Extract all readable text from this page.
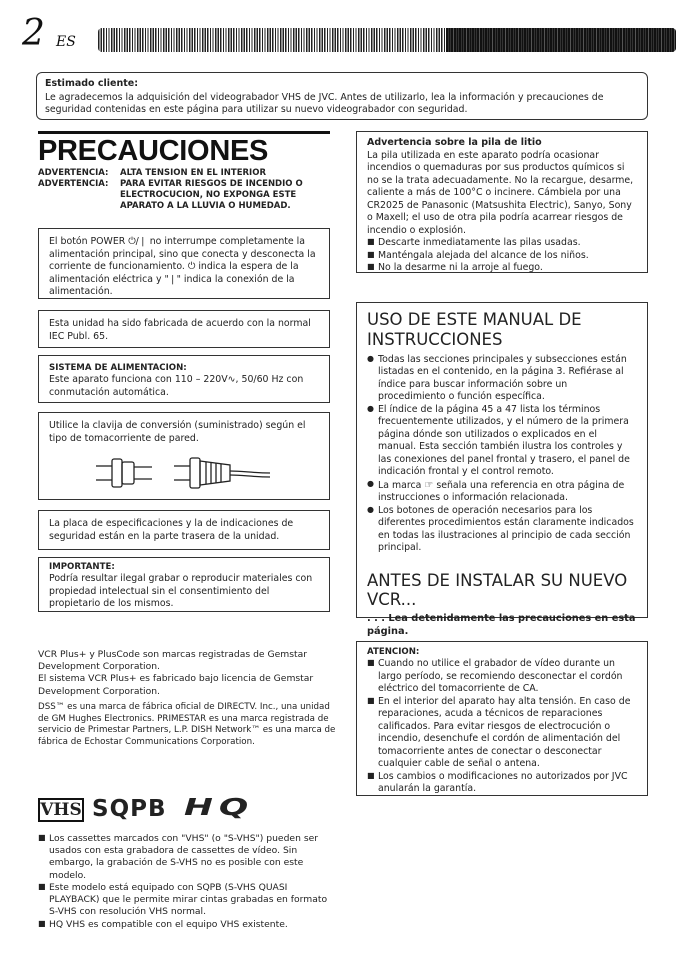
2 ES
Estimado cliente:

Le agradecemos la adquisición del videograbador VHS de JVC. Antes de utilizarlo, lea la información y precauciones de seguridad contenidas en este página para utilizar su nuevo videograbador con seguridad.

PRECAUCIONES
ADVERTENCIA:	ALTA TENSION EN EL INTERIOR
ADVERTENCIA:	PARA EVITAR RIESGOS DE INCENDIO O ELECTROCUCION, NO EXPONGA ESTE APARATO A LA LLUVIA O HUMEDAD.
El botón POWER ⏻/❘ no interrumpe completamente la alimentación principal, sino que conecta y desconecta la corriente de funcionamiento. ⏻ indica la espera de la alimentación eléctrica y "❘" indica la conexión de la alimentación.

Esta unidad ha sido fabricada de acuerdo con la normal IEC Publ. 65.

SISTEMA DE ALIMENTACION:

Este aparato funciona con 110 – 220V∿, 50/60 Hz con conmutación automática.

Utilice la clavija de conversión (suministrado) según el tipo de tomacorriente de pared.

La placa de especificaciones y la de indicaciones de seguridad están en la parte trasera de la unidad.

IMPORTANTE:

Podría resultar ilegal grabar o reproducir materiales con propiedad intelectual sin el consentimiento del propietario de los mismos.

VCR Plus+ y PlusCode son marcas registradas de Gemstar Development Corporation.

El sistema VCR Plus+ es fabricado bajo licencia de Gemstar Development Corporation.

DSS™ es una marca de fábrica oficial de DIRECTV. Inc., una unidad de GM Hughes Electronics. PRIMESTAR es una marca registrada de servicio de Primestar Partners, L.P. DISH Network™ es una marca de fábrica de Echostar Communications Corporation.

VHS SQPB HQ
■ Los cassettes marcados con "VHS" (o "S-VHS") pueden ser usados con esta grabadora de cassettes de vídeo. Sin embargo, la grabación de S-VHS no es posible con este modelo.
■ Este modelo está equipado con SQPB (S-VHS QUASI PLAYBACK) que le permite mirar cintas grabadas en formato S-VHS con resolución VHS normal.
■ HQ VHS es compatible con el equipo VHS existente.

Advertencia sobre la pila de litio

La pila utilizada en este aparato podría ocasionar incendios o quemaduras por sus productos químicos si no se la trata adecuadamente. No la recargue, desarme, caliente a más de 100°C o incinere. Cámbiela por una CR2025 de Panasonic (Matsushita Electric), Sanyo, Sony o Maxell; el uso de otra pila podría acarrear riesgos de incendio o explosión.

■ Descarte inmediatamente las pilas usadas.
■ Manténgala alejada del alcance de los niños.
■ No la desarme ni la arroje al fuego.
USO DE ESTE MANUAL DE INSTRUCCIONES
● Todas las secciones principales y subsecciones están listadas en el contenido, en la página 3. Refiérase al índice para buscar información sobre un procedimiento o función específica.
● El índice de la página 45 a 47 lista los términos frecuentemente utilizados, y el número de la primera página dónde son utilizados o explicados en el manual. Esta sección también ilustra los controles y las conexiones del panel frontal y trasero, el panel de indicación frontal y el control remoto.
● La marca ☞ señala una referencia en otra página de instrucciones o información relacionada.
● Los botones de operación necesarios para los diferentes procedimientos están claramente indicados en todas las ilustraciones al principio de cada sección principal.
ANTES DE INSTALAR SU NUEVO VCR...

. . . Lea detenidamente las precauciones en esta página.

ATENCION:

■ Cuando no utilice el grabador de vídeo durante un largo período, se recomiendo desconectar el cordón eléctrico del tomacorriente de CA.
■ En el interior del aparato hay alta tensión. En caso de reparaciones, acuda a técnicos de reparaciones calificados. Para evitar riesgos de electrocución o incendio, desenchufe el cordón de alimentación del tomacorriente antes de conectar o desconectar cualquier cable de señal o antena.
■ Los cambios o modificaciones no autorizados por JVC anularán la garantía.
